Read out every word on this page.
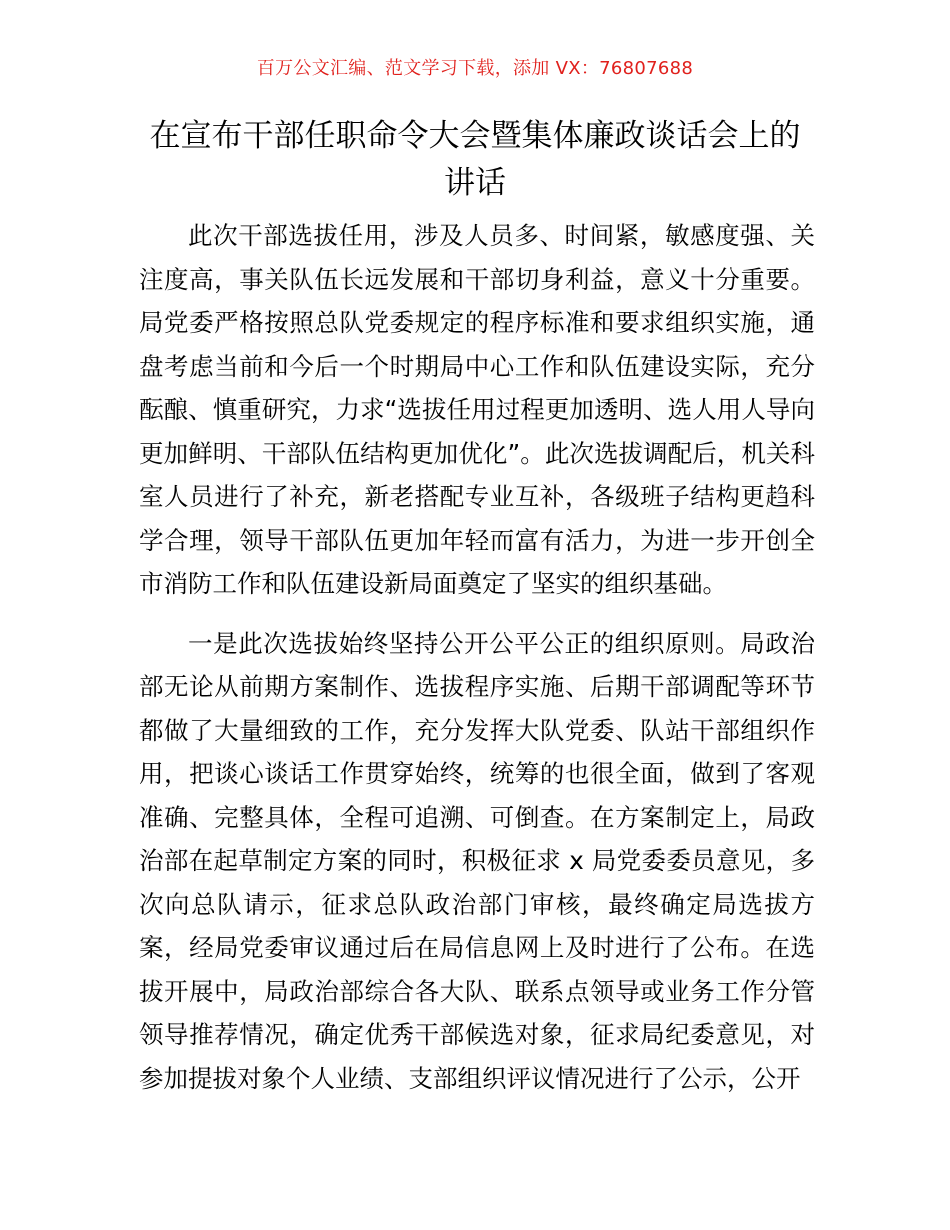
百万公文汇编、范文学习下载，添加 VX：76807688
在宣布干部任职命令大会暨集体廉政谈话会上的讲话

此次干部选拔任用，涉及人员多、时间紧，敏感度强、关注度高，事关队伍长远发展和干部切身利益，意义十分重要。局党委严格按照总队党委规定的程序标准和要求组织实施，通盘考虑当前和今后一个时期局中心工作和队伍建设实际，充分酝酿、慎重研究，力求“选拔任用过程更加透明、选人用人导向更加鲜明、干部队伍结构更加优化”。此次选拔调配后，机关科室人员进行了补充，新老搭配专业互补，各级班子结构更趋科学合理，领导干部队伍更加年轻而富有活力，为进一步开创全市消防工作和队伍建设新局面奠定了坚实的组织基础。

一是此次选拔始终坚持公开公平公正的组织原则。局政治部无论从前期方案制作、选拔程序实施、后期干部调配等环节都做了大量细致的工作，充分发挥大队党委、队站干部组织作用，把谈心谈话工作贯穿始终，统筹的也很全面，做到了客观准确、完整具体，全程可追溯、可倒查。在方案制定上，局政治部在起草制定方案的同时，积极征求 x 局党委委员意见，多次向总队请示，征求总队政治部门审核，最终确定局选拔方案，经局党委审议通过后在局信息网上及时进行了公布。在选拔开展中，局政治部综合各大队、联系点领导或业务工作分管领导推荐情况，确定优秀干部候选对象，征求局纪委意见，对参加提拔对象个人业绩、支部组织评议情况进行了公示，公开
